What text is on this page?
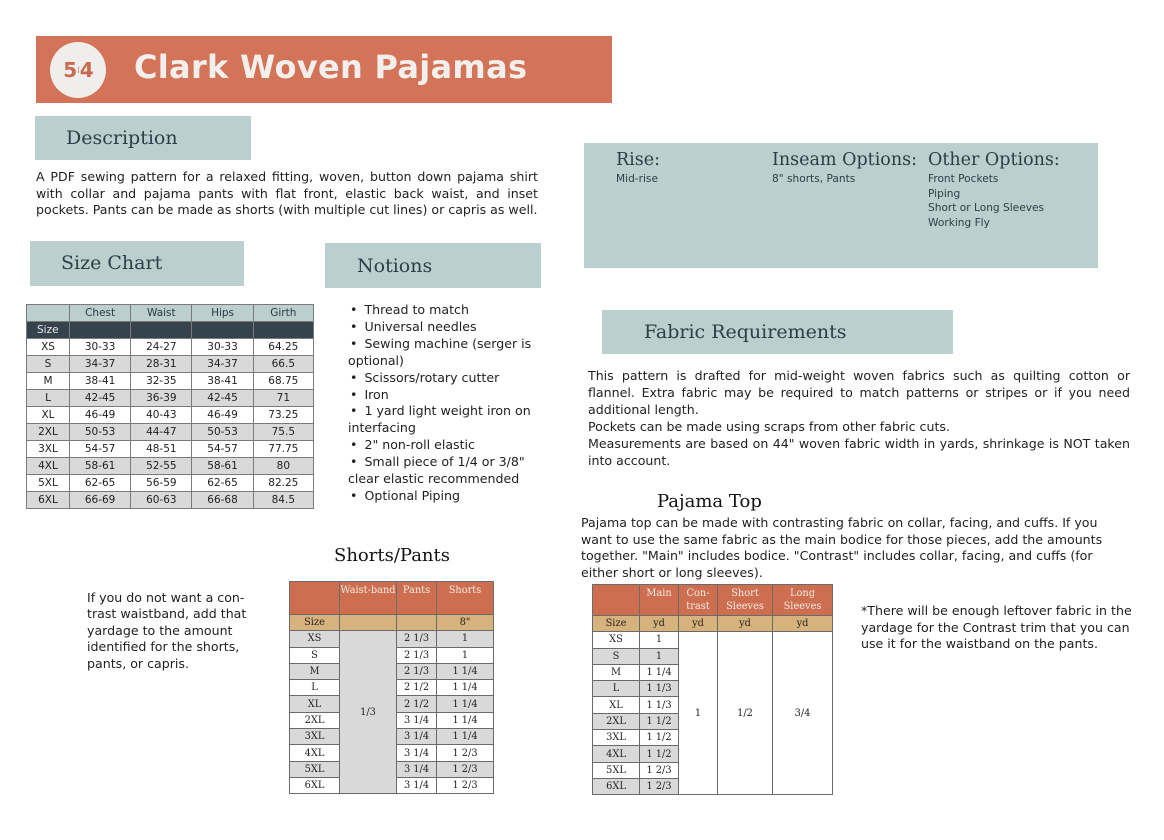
5 ¦ 4 Clark Woven Pajamas
Description
A PDF sewing pattern for a relaxed fitting, woven, button down pajama shirt with collar and pajama pants with flat front, elastic back waist, and inset pockets. Pants can be made as shorts (with multiple cut lines) or capris as well.
Rise:
Mid-rise
Inseam Options:
8" shorts, Pants
Other Options:
Front Pockets
Piping
Short or Long Sleeves
Working Fly
Size Chart
	Chest	Waist	Hips	Girth
Size				
XS	30-33	24-27	30-33	64.25
S	34-37	28-31	34-37	66.5
M	38-41	32-35	38-41	68.75
L	42-45	36-39	42-45	71
XL	46-49	40-43	46-49	73.25
2XL	50-53	44-47	50-53	75.5
3XL	54-57	48-51	54-57	77.75
4XL	58-61	52-55	58-61	80
5XL	62-65	56-59	62-65	82.25
6XL	66-69	60-63	66-68	84.5
Notions
• Thread to match
• Universal needles
• Sewing machine (serger is optional)
• Scissors/rotary cutter
• Iron
• 1 yard light weight iron on interfacing
• 2" non-roll elastic
• Small piece of 1/4 or 3/8" clear elastic recommended
• Optional Piping
Fabric Requirements
This pattern is drafted for mid-weight woven fabrics such as quilting cotton or flannel. Extra fabric may be required to match patterns or stripes or if you need additional length.
Pockets can be made using scraps from other fabric cuts.
Measurements are based on 44" woven fabric width in yards, shrinkage is NOT taken into account.
Shorts/Pants
If you do not want a con-trast waistband, add that yardage to the amount identified for the shorts, pants, or capris.
	Waist-band	Pants	Shorts
Size			8"
XS	1/3	2 1/3	1
S		2 1/3	1
M		2 1/3	1 1/4
L		2 1/2	1 1/4
XL		2 1/2	1 1/4
2XL		3 1/4	1 1/4
3XL		3 1/4	1 1/4
4XL		3 1/4	1 2/3
5XL		3 1/4	1 2/3
6XL		3 1/4	1 2/3
Pajama Top
Pajama top can be made with contrasting fabric on collar, facing, and cuffs. If you want to use the same fabric as the main bodice for those pieces, add the amounts together. "Main" includes bodice. "Contrast" includes collar, facing, and cuffs (for either short or long sleeves).
	Main	Con-trast	Short Sleeves	Long Sleeves
Size	yd	yd	yd	yd
XS	1	1	1/2	3/4
S	1			
M	1 1/4			
L	1 1/3			
XL	1 1/3			
2XL	1 1/2			
3XL	1 1/2			
4XL	1 1/2			
5XL	1 2/3			
6XL	1 2/3			
*There will be enough leftover fabric in the yardage for the Contrast trim that you can use it for the waistband on the pants.
